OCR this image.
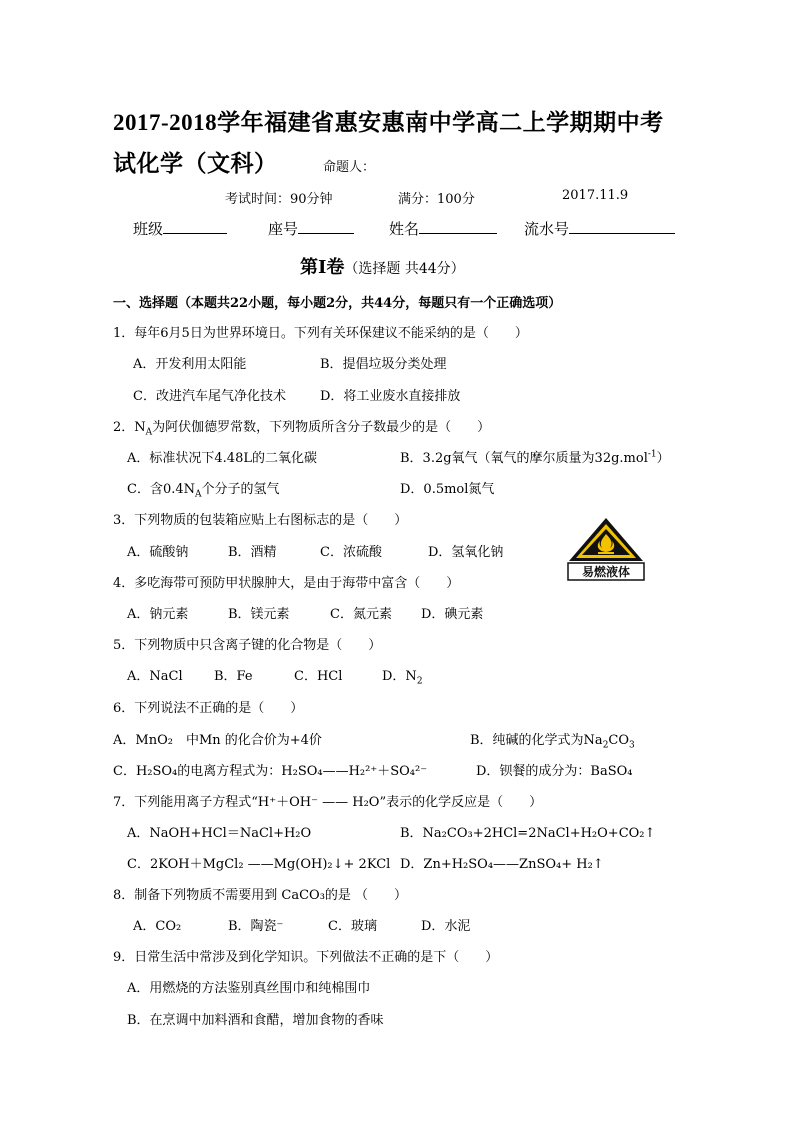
2017-2018学年福建省惠安惠南中学高二上学期期中考
试化学（文科）	命题人：
考试时间：90分钟	满分：100分	2017.11.9
班级	座号	姓名	流水号
第Ⅰ卷（选择题 共44分）
一、选择题（本题共22小题，每小题2分，共44分，每题只有一个正确选项）
1．每年6月5日为世界环境日。下列有关环保建议不能采纳的是（　　）
A．开发利用太阳能	B．提倡垃圾分类处理
C．改进汽车尾气净化技术	D．将工业废水直接排放
2．$N_A$为阿伏伽德罗常数，下列物质所含分子数最少的是（　　）
A．标准状况下4.48L的二氧化碳	B．3.2g氧气（氧气的摩尔质量为32g.mol$^{-1}$）
C．含$0.4N_A$个分子的氢气	D．0.5mol氮气
3．下列物质的包装箱应贴上右图标志的是（　　）
A．硫酸钠	B．酒精	C．浓硫酸	D．氢氧化钠
易燃液体
4．多吃海带可预防甲状腺肿大，是由于海带中富含（　　）
A．钠元素	B．镁元素	C．氮元素 D．碘元素
5．下列物质中只含离子键的化合物是（　　）
A．NaCl B．Fe	C．HCl	D．$N_2$
6．下列说法不正确的是（　　）
A．MnO₂　中Mn 的化合价为+4价	B．纯碱的化学式为$Na_2CO_3$
C．H₂SO₄的电离方程式为：H₂SO₄——H₂²⁺＋SO₄²⁻	D．钡餐的成分为：BaSO₄
7．下列能用离子方程式“H⁺＋OH⁻ —— H₂O”表示的化学反应是（　　）
A．NaOH+HCl＝NaCl+H₂O	B．Na₂CO₃+2HCl=2NaCl+H₂O+CO₂↑
C．2KOH＋MgCl₂ ——Mg(OH)₂↓+ 2KCl D．Zn+H₂SO₄——ZnSO₄+ H₂↑
8．制备下列物质不需要用到 CaCO₃的是 （　　）
A．CO₂	B．陶瓷⁻	C．玻璃	D．水泥
9．日常生活中常涉及到化学知识。下列做法不正确的是下（　　）
A．用燃烧的方法鉴别真丝围巾和纯棉围巾
B．在烹调中加料酒和食醋，增加食物的香味
